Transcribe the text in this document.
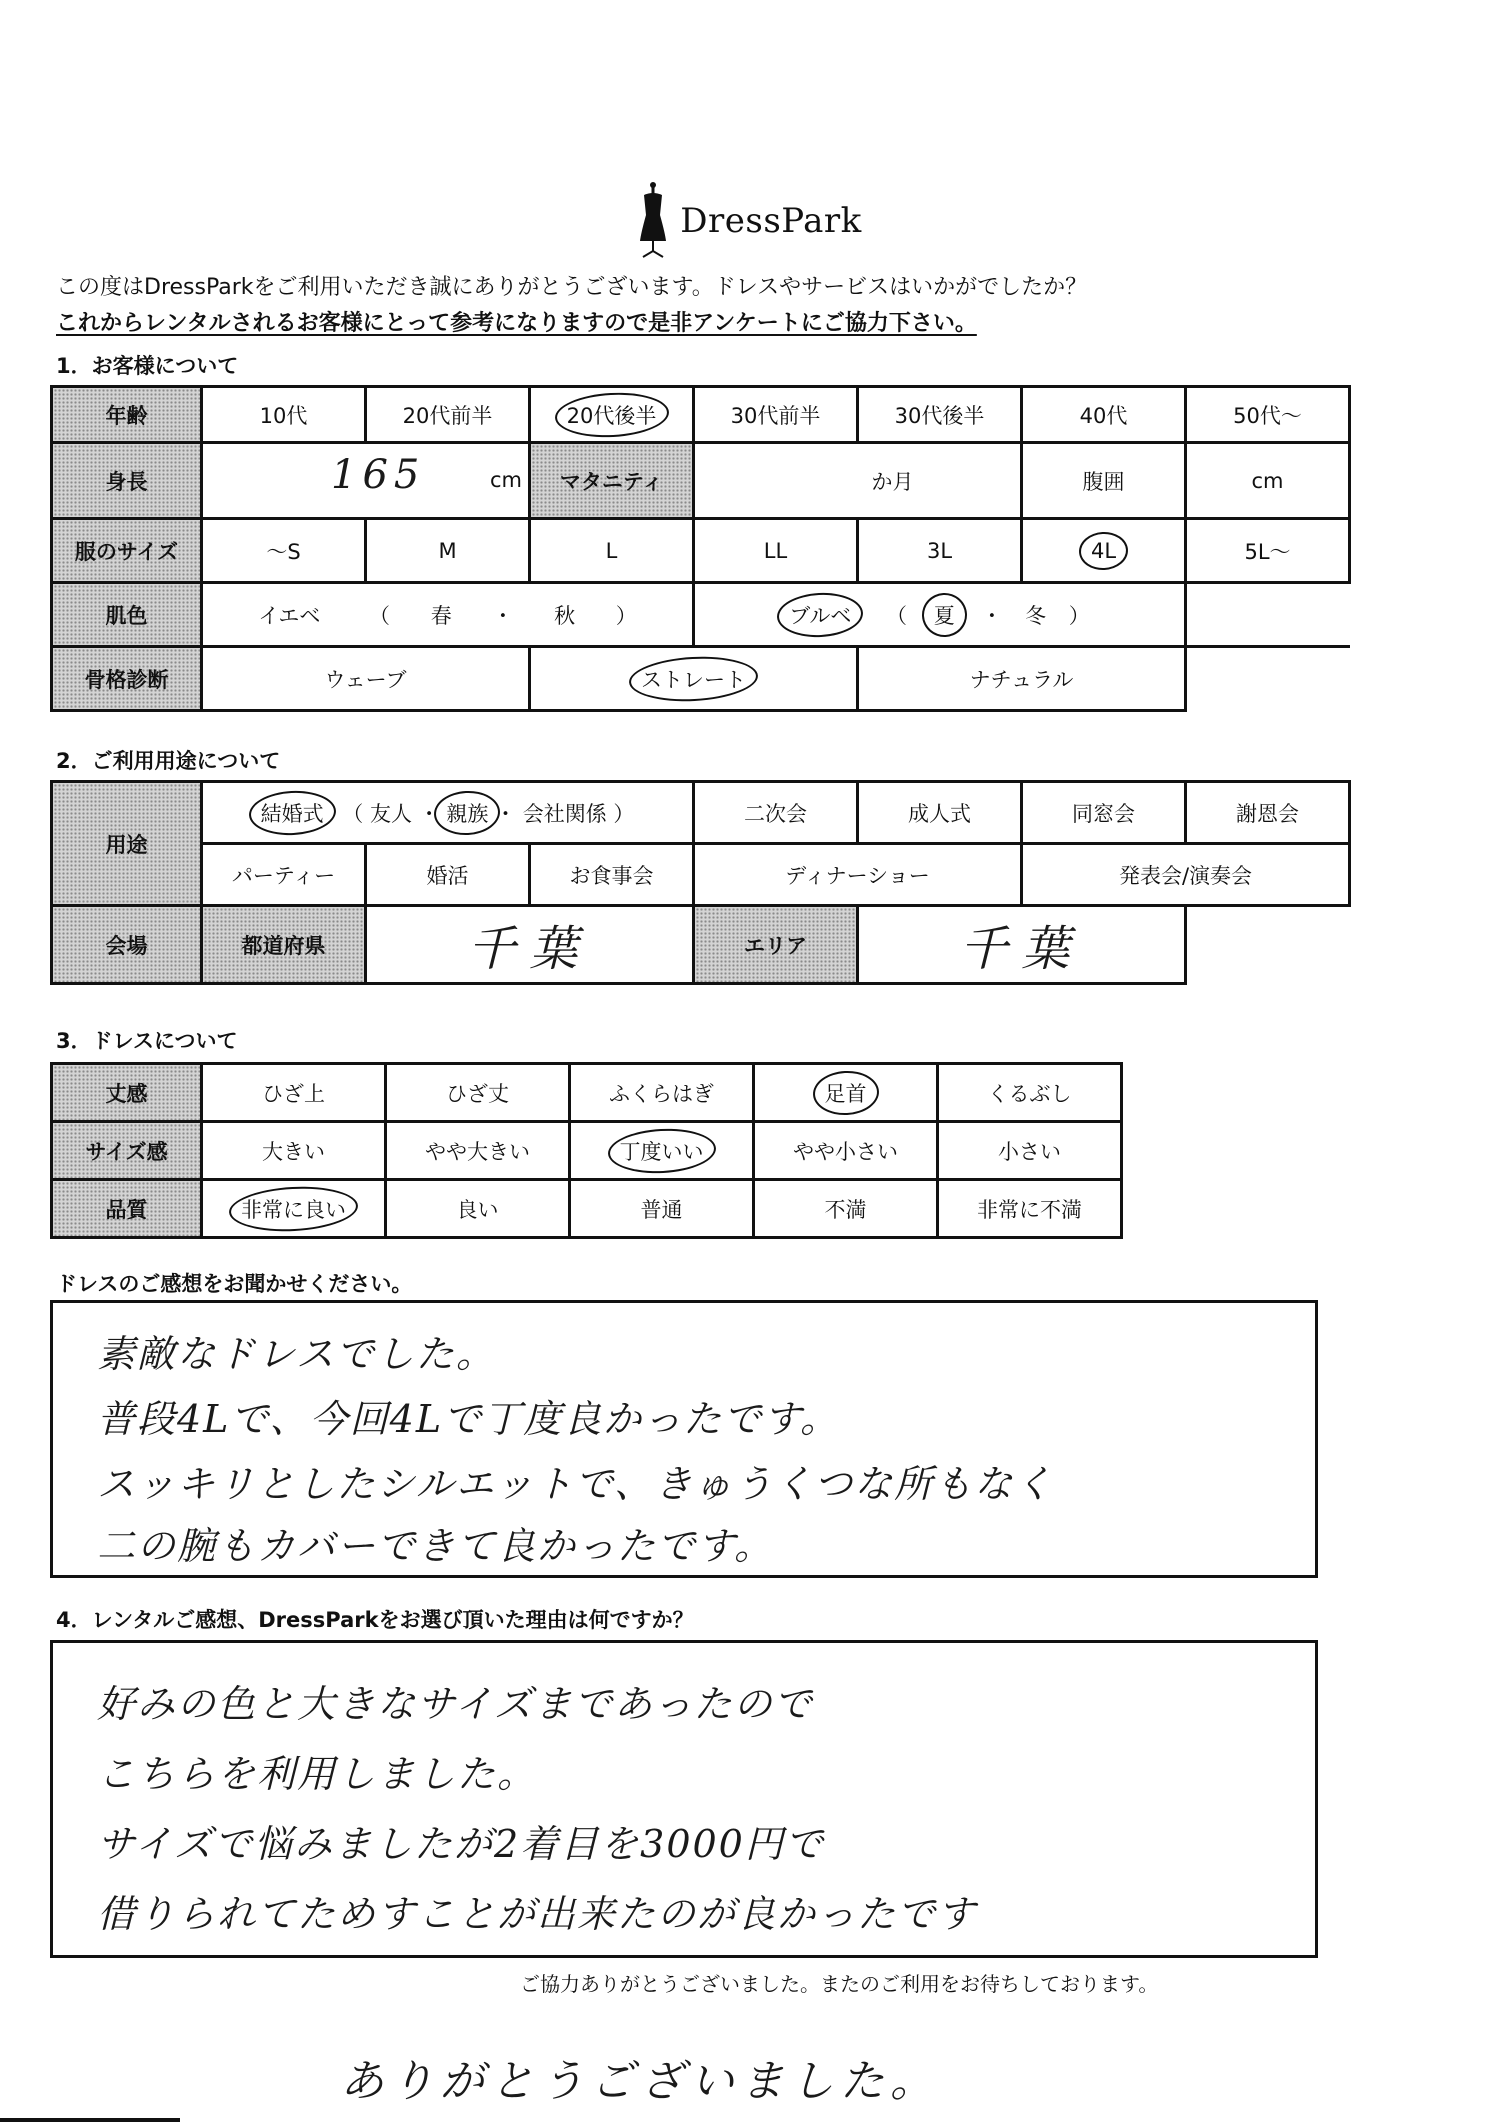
DressPark
この度はDressParkをご利用いただき誠にありがとうございます。ドレスやサービスはいかがでしたか？
これからレンタルされるお客様にとって参考になりますので是非アンケートにご協力下さい。
1．お客様について
年齢	10代	20代前半	20代後半	30代前半	30代後半	40代	50代～
身長	165 cm		マタニティ	か月		腹囲	cm
服のサイズ	～S	M	L	LL	3L	4L	5L～
肌色	イエベ （ 春 ・ 秋 ）			ブルベ （ 夏 ・ 冬 ）			
骨格診断	ウェーブ		ストレート		ナチュラル		
2．ご利用用途について
用途	結婚式 （ 友人 ・ 親族 ・ 会社関係 ）			二次会	成人式	同窓会	謝恩会
	パーティー	婚活	お食事会	ディナーショー		発表会/演奏会	
会場	都道府県	千葉		エリア	千葉		
3．ドレスについて
丈感	ひざ上	ひざ丈	ふくらはぎ	足首	くるぶし
サイズ感	大きい	やや大きい	丁度いい	やや小さい	小さい
品質	非常に良い	良い	普通	不満	非常に不満
ドレスのご感想をお聞かせください。
素敵なドレスでした。
普段4Lで、今回4Lで丁度良かったです。
スッキリとしたシルエットで、きゅうくつな所もなく
二の腕もカバーできて良かったです。
4．レンタルご感想、DressParkをお選び頂いた理由は何ですか？
好みの色と大きなサイズまであったので
こちらを利用しました。
サイズで悩みましたが2着目を3000円で
借りられてためすことが出来たのが良かったです
ご協力ありがとうございました。またのご利用をお待ちしております。
ありがとうございました。
